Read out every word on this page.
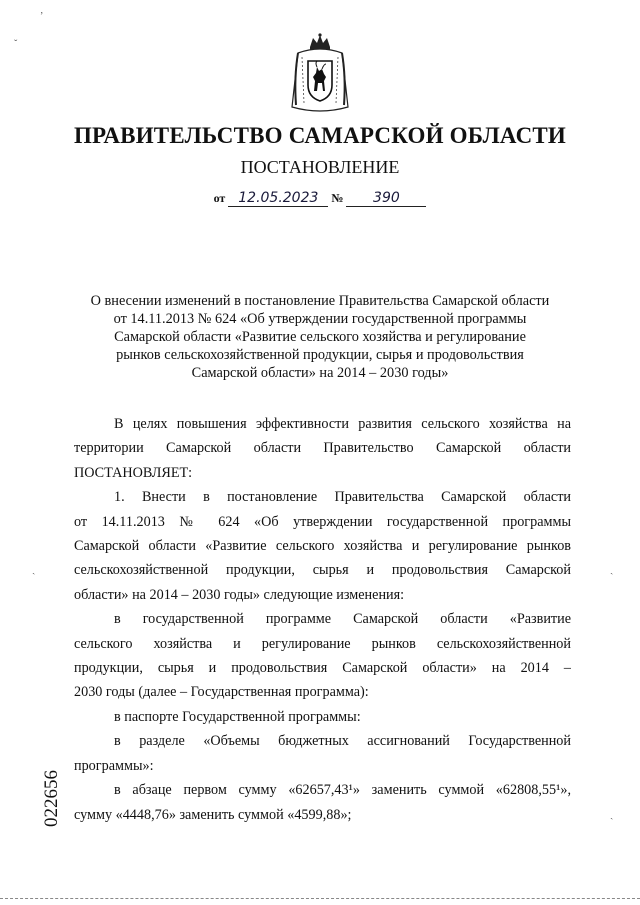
ПРАВИТЕЛЬСТВО САМАРСКОЙ ОБЛАСТИ
ПОСТАНОВЛЕНИЕ
от 12.05.2023 № 390
О внесении изменений в постановление Правительства Самарской области
от 14.11.2013 № 624 «Об утверждении государственной программы
Самарской области «Развитие сельского хозяйства и регулирование
рынков сельскохозяйственной продукции, сырья и продовольствия
Самарской области» на 2014 – 2030 годы»
В целях повышения эффективности развития сельского хозяйства на
территории Самарской области Правительство Самарской области
ПОСТАНОВЛЯЕТ:
1. Внести в постановление Правительства Самарской области
от 14.11.2013 № 624 «Об утверждении государственной программы
Самарской области «Развитие сельского хозяйства и регулирование рынков
сельскохозяйственной продукции, сырья и продовольствия Самарской
области» на 2014 – 2030 годы» следующие изменения:
в государственной программе Самарской области «Развитие
сельского хозяйства и регулирование рынков сельскохозяйственной
продукции, сырья и продовольствия Самарской области» на 2014 –
2030 годы (далее – Государственная программа):
в паспорте Государственной программы:
в разделе «Объемы бюджетных ассигнований Государственной
программы»:
в абзаце первом сумму «62657,43¹» заменить суммой «62808,55¹»,
сумму «4448,76» заменить суммой «4599,88»;
022656
ʼ
ˇ
ˎ	ˎ
ˎ
